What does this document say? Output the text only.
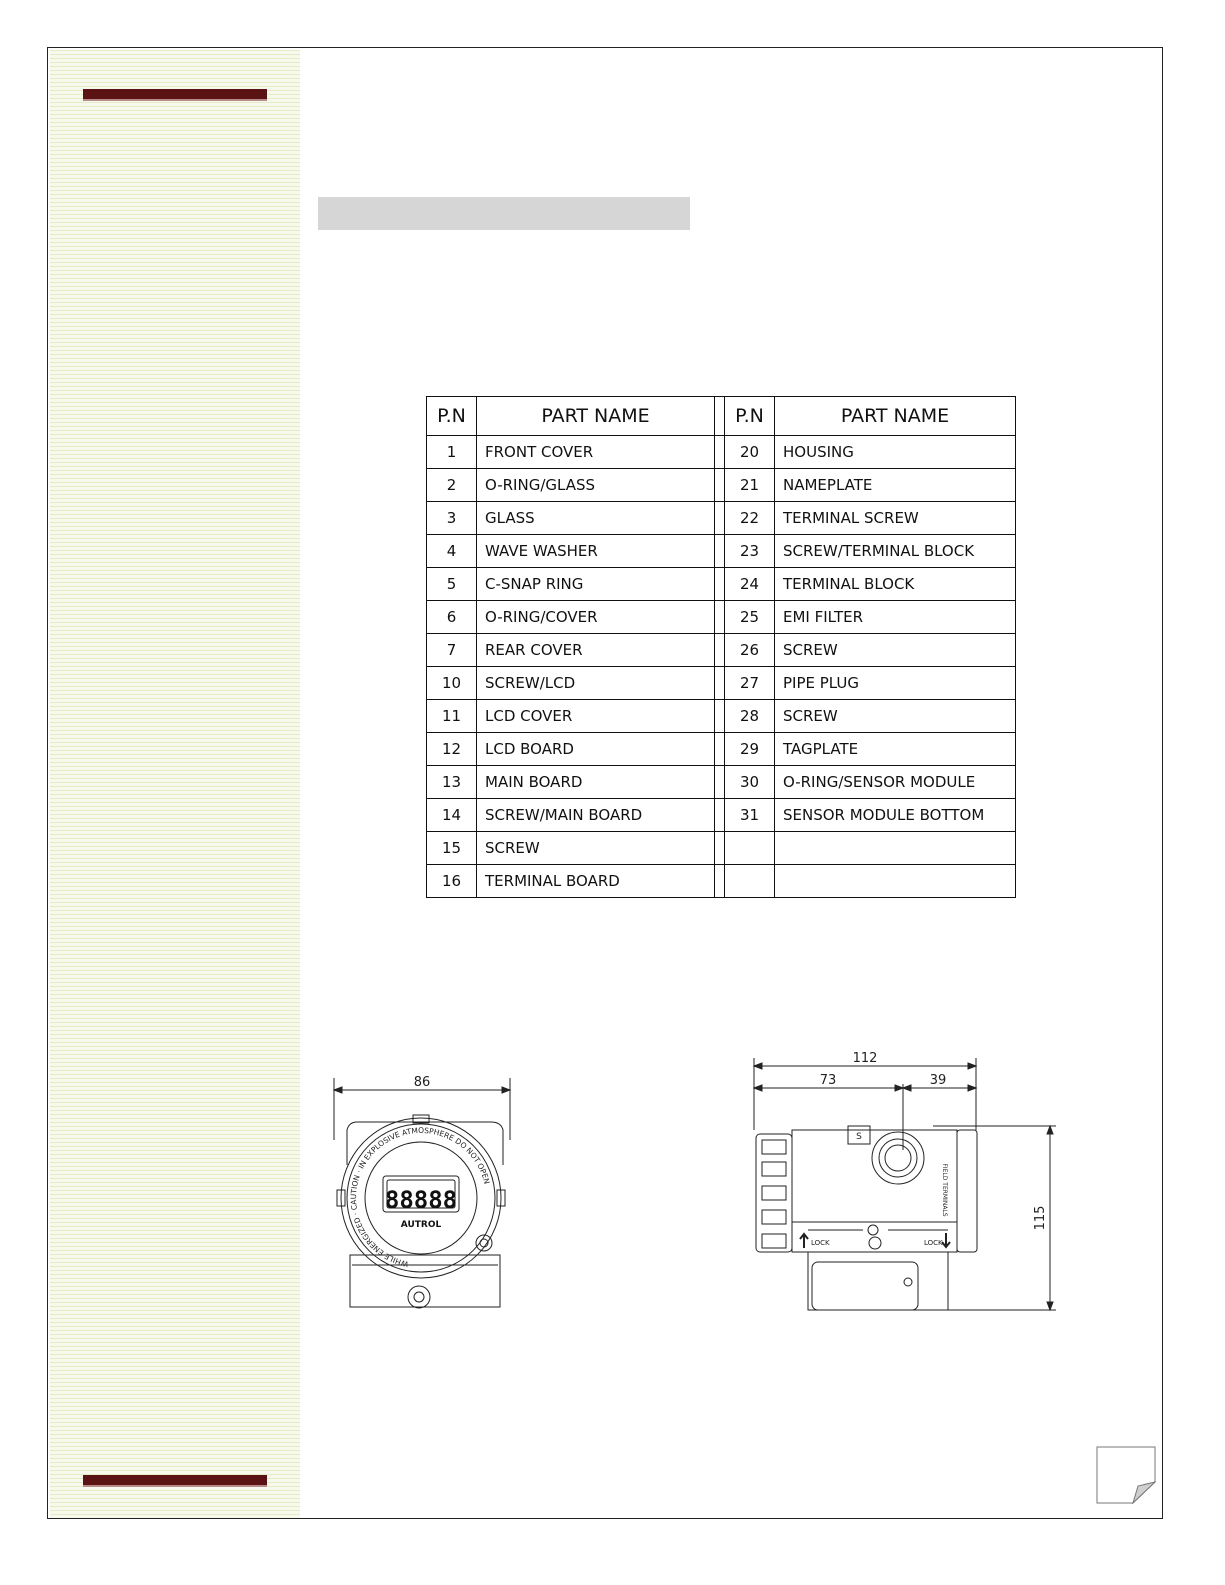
P.N	PART NAME		P.N	PART NAME
1	FRONT COVER		20	HOUSING
2	O-RING/GLASS		21	NAMEPLATE
3	GLASS		22	TERMINAL SCREW
4	WAVE WASHER		23	SCREW/TERMINAL BLOCK
5	C-SNAP RING		24	TERMINAL BLOCK
6	O-RING/COVER		25	EMI FILTER
7	REAR COVER		26	SCREW
10	SCREW/LCD		27	PIPE PLUG
11	LCD COVER		28	SCREW
12	LCD BOARD		29	TAGPLATE
13	MAIN BOARD		30	O-RING/SENSOR MODULE
14	SCREW/MAIN BOARD		31	SENSOR MODULE BOTTOM
15	SCREW			
16	TERMINAL BOARD			
86
88888
AUTROL
WHILE ENERGIZED · CAUTION · IN EXPLOSIVE ATMOSPHERE DO NOT OPEN
112
73	39
115
S
FIELD TERMINALS
LOCK	LOCK
